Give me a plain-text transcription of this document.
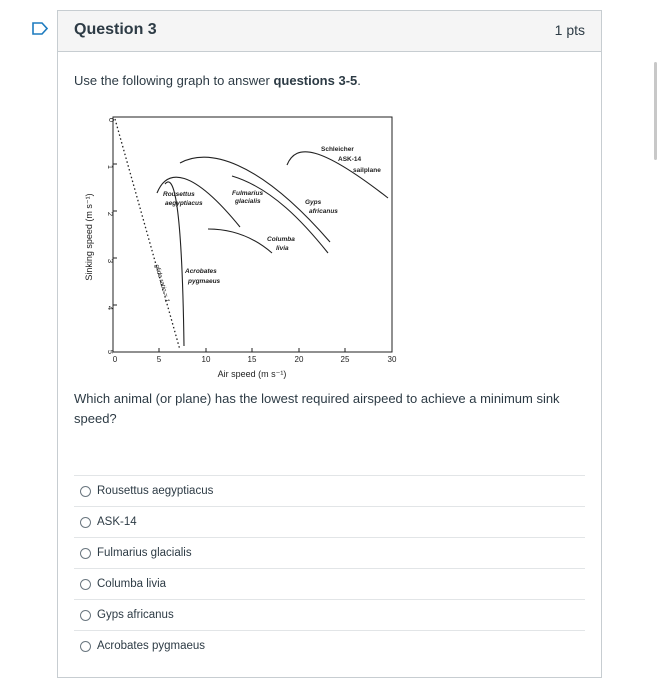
Question 3	1 pts
Use the following graph to answer questions 3-5.
0
1
2
3
4
5
0	5	10	15	20	25	30
Air speed (m s⁻¹)
Sinking speed (m s⁻¹)
glide ratio = 1
Schleicher
ASK-14
sailplane
Rousettus
aegyptiacus
Fulmarius
glacialis	Gyps
africanus
Columba
livia
Acrobates
pygmaeus
Which animal (or plane) has the lowest required airspeed to achieve a minimum sink speed?
Rousettus aegyptiacus
ASK-14
Fulmarius glacialis
Columba livia
Gyps africanus
Acrobates pygmaeus
